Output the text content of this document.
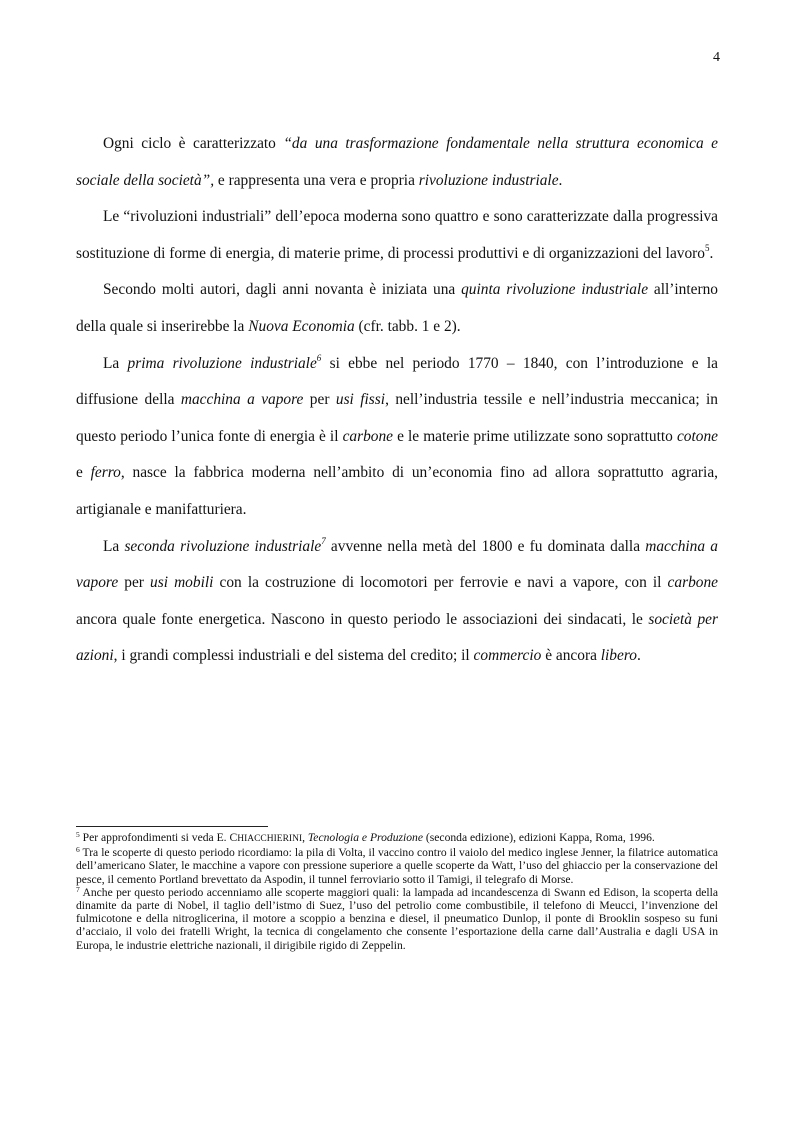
4

Ogni ciclo è caratterizzato “da una trasformazione fondamentale nella struttura economica e sociale della società”, e rappresenta una vera e propria rivoluzione industriale.

Le “rivoluzioni industriali” dell’epoca moderna sono quattro e sono caratterizzate dalla progressiva sostituzione di forme di energia, di materie prime, di processi produttivi e di organizzazioni del lavoro$^5$.

Secondo molti autori, dagli anni novanta è iniziata una quinta rivoluzione industriale all’interno della quale si inserirebbe la Nuova Economia (cfr. tabb. 1 e 2).

La prima rivoluzione industriale$^6$ si ebbe nel periodo 1770 – 1840, con l’introduzione e la diffusione della macchina a vapore per usi fissi, nell’industria tessile e nell’industria meccanica; in questo periodo l’unica fonte di energia è il carbone e le materie prime utilizzate sono soprattutto cotone e ferro, nasce la fabbrica moderna nell’ambito di un’economia fino ad allora soprattutto agraria, artigianale e manifatturiera.

La seconda rivoluzione industriale$^7$ avvenne nella metà del 1800 e fu dominata dalla macchina a vapore per usi mobili con la costruzione di locomotori per ferrovie e navi a vapore, con il carbone ancora quale fonte energetica. Nascono in questo periodo le associazioni dei sindacati, le società per azioni, i grandi complessi industriali e del sistema del credito; il commercio è ancora libero.

$^5$ Per approfondimenti si veda E. CHIACCHIERINI, Tecnologia e Produzione (seconda edizione), edizioni Kappa, Roma, 1996.

$^6$ Tra le scoperte di questo periodo ricordiamo: la pila di Volta, il vaccino contro il vaiolo del medico inglese Jenner, la filatrice automatica dell’americano Slater, le macchine a vapore con pressione superiore a quelle scoperte da Watt, l’uso del ghiaccio per la conservazione del pesce, il cemento Portland brevettato da Aspodin, il tunnel ferroviario sotto il Tamigi, il telegrafo di Morse.

$^7$ Anche per questo periodo accenniamo alle scoperte maggiori quali: la lampada ad incandescenza di Swann ed Edison, la scoperta della dinamite da parte di Nobel, il taglio dell’istmo di Suez, l’uso del petrolio come combustibile, il telefono di Meucci, l’invenzione del fulmicotone e della nitroglicerina, il motore a scoppio a benzina e diesel, il pneumatico Dunlop, il ponte di Brooklin sospeso su funi d’acciaio, il volo dei fratelli Wright, la tecnica di congelamento che consente l’esportazione della carne dall’Australia e dagli USA in Europa, le industrie elettriche nazionali, il dirigibile rigido di Zeppelin.
